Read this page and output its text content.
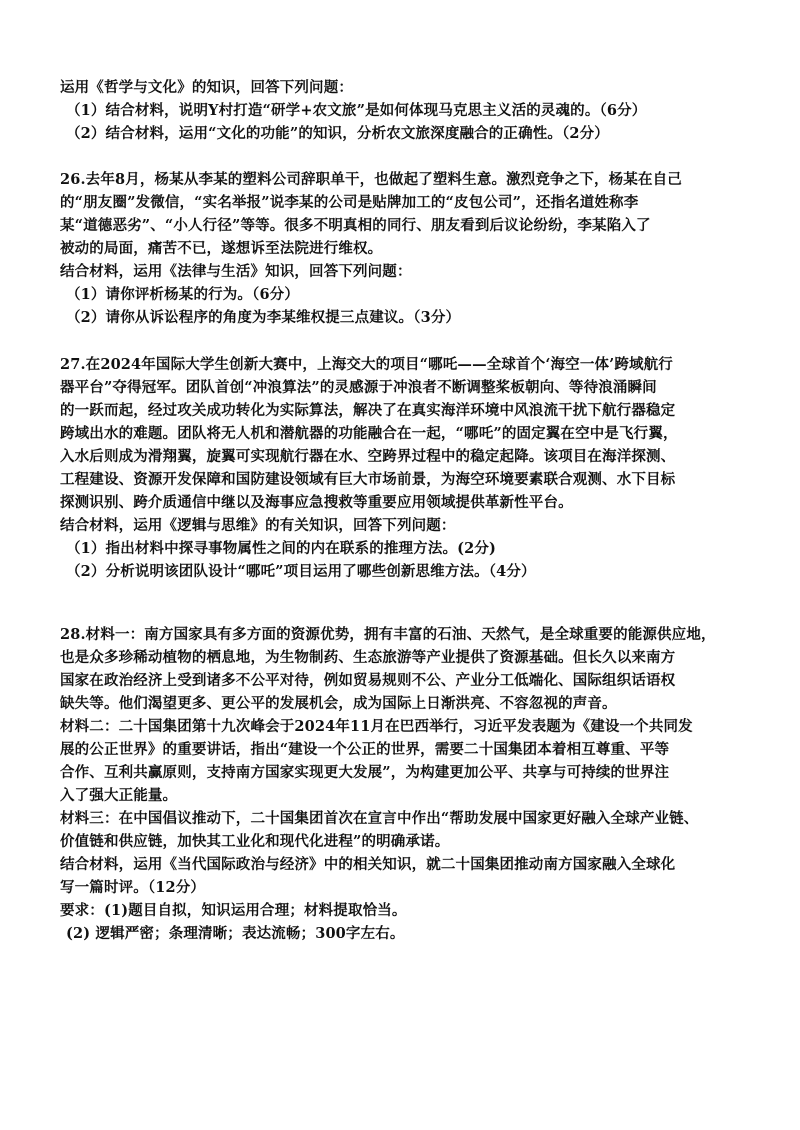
运用《哲学与文化》的知识，回答下列问题：
（1）结合材料，说明Y村打造“研学+农文旅”是如何体现马克思主义活的灵魂的。（6分）
（2）结合材料，运用“文化的功能”的知识，分析农文旅深度融合的正确性。（2分）
26.去年8月，杨某从李某的塑料公司辞职单干，也做起了塑料生意。激烈竞争之下，杨某在自己
的“朋友圈”发微信，“实名举报”说李某的公司是贴牌加工的“皮包公司”，还指名道姓称李
某“道德恶劣”、“小人行径”等等。很多不明真相的同行、朋友看到后议论纷纷，李某陷入了
被动的局面，痛苦不已，遂想诉至法院进行维权。
结合材料，运用《法律与生活》知识，回答下列问题：
（1）请你评析杨某的行为。（6分）
（2）请你从诉讼程序的角度为李某维权提三点建议。（3分）
27.在2024年国际大学生创新大赛中，上海交大的项目“哪吒——全球首个‘海空一体’跨域航行
器平台”夺得冠军。团队首创“冲浪算法”的灵感源于冲浪者不断调整桨板朝向、等待浪涌瞬间
的一跃而起，经过攻关成功转化为实际算法，解决了在真实海洋环境中风浪流干扰下航行器稳定
跨域出水的难题。团队将无人机和潜航器的功能融合在一起，“哪吒”的固定翼在空中是飞行翼，
入水后则成为滑翔翼，旋翼可实现航行器在水、空跨界过程中的稳定起降。该项目在海洋探测、
工程建设、资源开发保障和国防建设领域有巨大市场前景，为海空环境要素联合观测、水下目标
探测识别、跨介质通信中继以及海事应急搜救等重要应用领域提供革新性平台。
结合材料，运用《逻辑与思维》的有关知识，回答下列问题：
（1）指出材料中探寻事物属性之间的内在联系的推理方法。(2分)
（2）分析说明该团队设计“哪吒”项目运用了哪些创新思维方法。（4分）
28.材料一：南方国家具有多方面的资源优势，拥有丰富的石油、天然气，是全球重要的能源供应地，
也是众多珍稀动植物的栖息地，为生物制药、生态旅游等产业提供了资源基础。但长久以来南方
国家在政治经济上受到诸多不公平对待，例如贸易规则不公、产业分工低端化、国际组织话语权
缺失等。他们渴望更多、更公平的发展机会，成为国际上日渐洪亮、不容忽视的声音。
材料二：二十国集团第十九次峰会于2024年11月在巴西举行，习近平发表题为《建设一个共同发
展的公正世界》的重要讲话，指出“建设一个公正的世界，需要二十国集团本着相互尊重、平等
合作、互利共赢原则，支持南方国家实现更大发展”，为构建更加公平、共享与可持续的世界注
入了强大正能量。
材料三：在中国倡议推动下，二十国集团首次在宣言中作出“帮助发展中国家更好融入全球产业链、
价值链和供应链，加快其工业化和现代化进程”的明确承诺。
结合材料，运用《当代国际政治与经济》中的相关知识，就二十国集团推动南方国家融入全球化
写一篇时评。（12分）
要求：(1)题目自拟，知识运用合理；材料提取恰当。
(2) 逻辑严密；条理清晰；表达流畅；300字左右。
